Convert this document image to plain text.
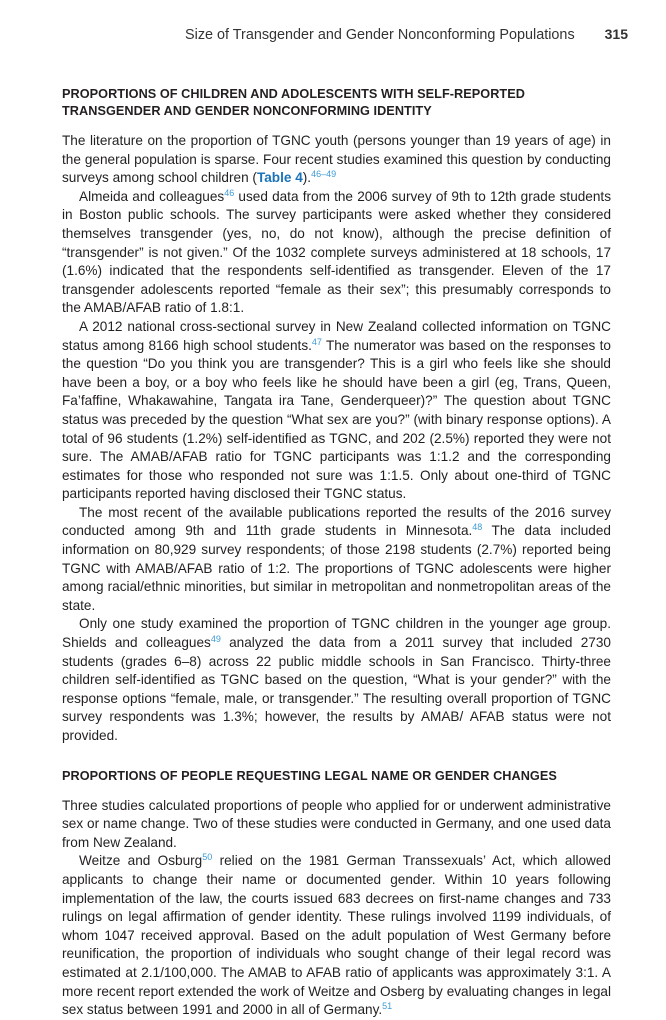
Size of Transgender and Gender Nonconforming Populations 315
PROPORTIONS OF CHILDREN AND ADOLESCENTS WITH SELF-REPORTED
TRANSGENDER AND GENDER NONCONFORMING IDENTITY

The literature on the proportion of TGNC youth (persons younger than 19 years of age) in the general population is sparse. Four recent studies examined this question by conducting surveys among school children (Table 4).$^{46-49}$

Almeida and colleagues$^{46}$ used data from the 2006 survey of 9th to 12th grade students in Boston public schools. The survey participants were asked whether they considered themselves transgender (yes, no, do not know), although the precise definition of “transgender” is not given.” Of the 1032 complete surveys administered at 18 schools, 17 (1.6%) indicated that the respondents self-identified as transgender. Eleven of the 17 transgender adolescents reported “female as their sex”; this presumably corresponds to the AMAB/AFAB ratio of 1.8:1.

A 2012 national cross-sectional survey in New Zealand collected information on TGNC status among 8166 high school students.$^{47}$ The numerator was based on the responses to the question “Do you think you are transgender? This is a girl who feels like she should have been a boy, or a boy who feels like he should have been a girl (eg, Trans, Queen, Fa’faffine, Whakawahine, Tangata ira Tane, Genderqueer)?” The question about TGNC status was preceded by the question “What sex are you?” (with binary response options). A total of 96 students (1.2%) self-identified as TGNC, and 202 (2.5%) reported they were not sure. The AMAB/AFAB ratio for TGNC participants was 1:1.2 and the corresponding estimates for those who responded not sure was 1:1.5. Only about one-third of TGNC participants reported having disclosed their TGNC status.

The most recent of the available publications reported the results of the 2016 survey conducted among 9th and 11th grade students in Minnesota.$^{48}$ The data included information on 80,929 survey respondents; of those 2198 students (2.7%) reported being TGNC with AMAB/AFAB ratio of 1:2. The proportions of TGNC adolescents were higher among racial/ethnic minorities, but similar in metropolitan and nonmetropolitan areas of the state.

Only one study examined the proportion of TGNC children in the younger age group. Shields and colleagues$^{49}$ analyzed the data from a 2011 survey that included 2730 students (grades 6–8) across 22 public middle schools in San Francisco. Thirty-three children self-identified as TGNC based on the question, “What is your gender?” with the response options “female, male, or transgender.” The resulting overall proportion of TGNC survey respondents was 1.3%; however, the results by AMAB/ AFAB status were not provided.

PROPORTIONS OF PEOPLE REQUESTING LEGAL NAME OR GENDER CHANGES

Three studies calculated proportions of people who applied for or underwent administrative sex or name change. Two of these studies were conducted in Germany, and one used data from New Zealand.

Weitze and Osburg$^{50}$ relied on the 1981 German Transsexuals’ Act, which allowed applicants to change their name or documented gender. Within 10 years following implementation of the law, the courts issued 683 decrees on first-name changes and 733 rulings on legal affirmation of gender identity. These rulings involved 1199 individuals, of whom 1047 received approval. Based on the adult population of West Germany before reunification, the proportion of individuals who sought change of their legal record was estimated at 2.1/100,000. The AMAB to AFAB ratio of applicants was approximately 3:1. A more recent report extended the work of Weitze and Osberg by evaluating changes in legal sex status between 1991 and 2000 in all of Germany.$^{51}$
